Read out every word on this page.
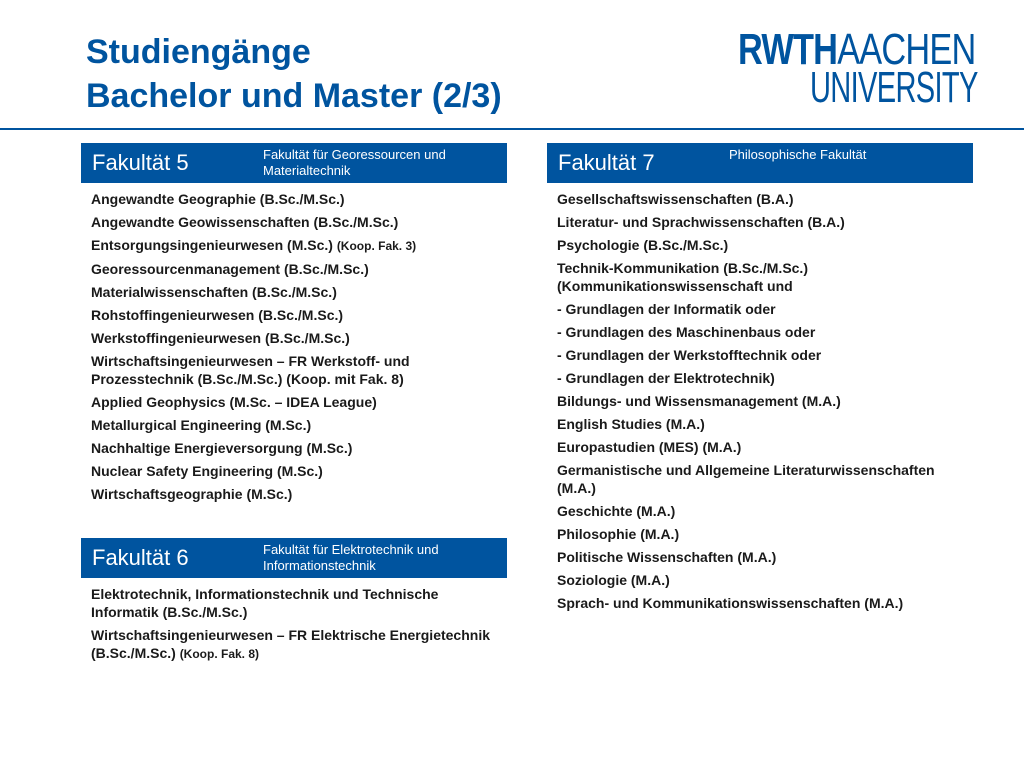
Studiengänge
Bachelor und Master (2/3)
RWTHAACHEN
UNIVERSITY
Fakultät 5	Fakultät für Georessourcen und Materialtechnik
Angewandte Geographie (B.Sc./M.Sc.)
Angewandte Geowissenschaften (B.Sc./M.Sc.)
Entsorgungsingenieurwesen (M.Sc.) (Koop. Fak. 3)
Georessourcenmanagement (B.Sc./M.Sc.)
Materialwissenschaften (B.Sc./M.Sc.)
Rohstoffingenieurwesen (B.Sc./M.Sc.)
Werkstoffingenieurwesen (B.Sc./M.Sc.)
Wirtschaftsingenieurwesen – FR Werkstoff- und Prozesstechnik (B.Sc./M.Sc.) (Koop. mit Fak. 8)
Applied Geophysics (M.Sc. – IDEA League)
Metallurgical Engineering (M.Sc.)
Nachhaltige Energieversorgung (M.Sc.)
Nuclear Safety Engineering (M.Sc.)
Wirtschaftsgeographie (M.Sc.)
Fakultät 6	Fakultät für Elektrotechnik und Informationstechnik
Elektrotechnik, Informationstechnik und Technische Informatik (B.Sc./M.Sc.)
Wirtschaftsingenieurwesen – FR Elektrische Energietechnik (B.Sc./M.Sc.) (Koop. Fak. 8)
Fakultät 7	Philosophische Fakultät
Gesellschaftswissenschaften (B.A.)
Literatur- und Sprachwissenschaften (B.A.)
Psychologie (B.Sc./M.Sc.)
Technik-Kommunikation (B.Sc./M.Sc.) (Kommunikationswissenschaft und
- Grundlagen der Informatik oder
- Grundlagen des Maschinenbaus oder
- Grundlagen der Werkstofftechnik oder
- Grundlagen der Elektrotechnik)
Bildungs- und Wissensmanagement (M.A.)
English Studies (M.A.)
Europastudien (MES) (M.A.)
Germanistische und Allgemeine Literaturwissenschaften (M.A.)
Geschichte (M.A.)
Philosophie (M.A.)
Politische Wissenschaften (M.A.)
Soziologie (M.A.)
Sprach- und Kommunikationswissenschaften (M.A.)
